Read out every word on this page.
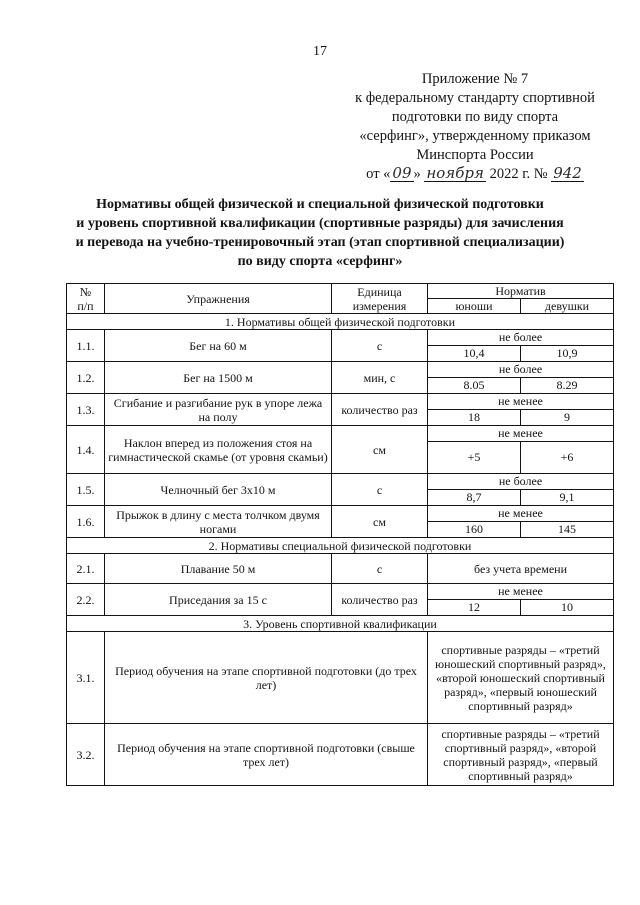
17
Приложение № 7
к федеральному стандарту спортивной
подготовки по виду спорта
«серфинг», утвержденному приказом
Минспорта России
от « 09 » ноября 2022 г. № 942
Нормативы общей физической и специальной физической подготовки
и уровень спортивной квалификации (спортивные разряды) для зачисления
и перевода на учебно-тренировочный этап (этап спортивной специализации)
по виду спорта «серфинг»
№
п/п	Упражнения	Единица измерения	Норматив	
			юноши	девушки
1. Нормативы общей физической подготовки				
1.1.	Бег на 60 м	с	не более
10,4 10,9	

1.2.	Бег на 1500 м	мин, с	не более
8.05 8.29	

1.3.	Сгибание и разгибание рук в упоре лежа на полу	количество раз	не менее
18 9	

1.4.	Наклон вперед из положения стоя на гимнастической скамье (от уровня скамьи)	см	не менее
+5 +6	

1.5.	Челночный бег 3x10 м	с	не более
8,7 9,1	

1.6.	Прыжок в длину с места толчком двумя ногами	см	не менее
160 145	

2. Нормативы специальной физической подготовки				
2.1.	Плавание 50 м	с	без учета времени	
2.2.	Приседания за 15 с	количество раз	не менее
12 10	

3. Уровень спортивной квалификации				
3.1.	Период обучения на этапе спортивной подготовки (до трех лет)		спортивные разряды – «третий юношеский спортивный разряд», «второй юношеский спортивный разряд», «первый юношеский спортивный разряд»	
3.2.	Период обучения на этапе спортивной подготовки (свыше трех лет)		спортивные разряды – «третий спортивный разряд», «второй спортивный разряд», «первый спортивный разряд»	
